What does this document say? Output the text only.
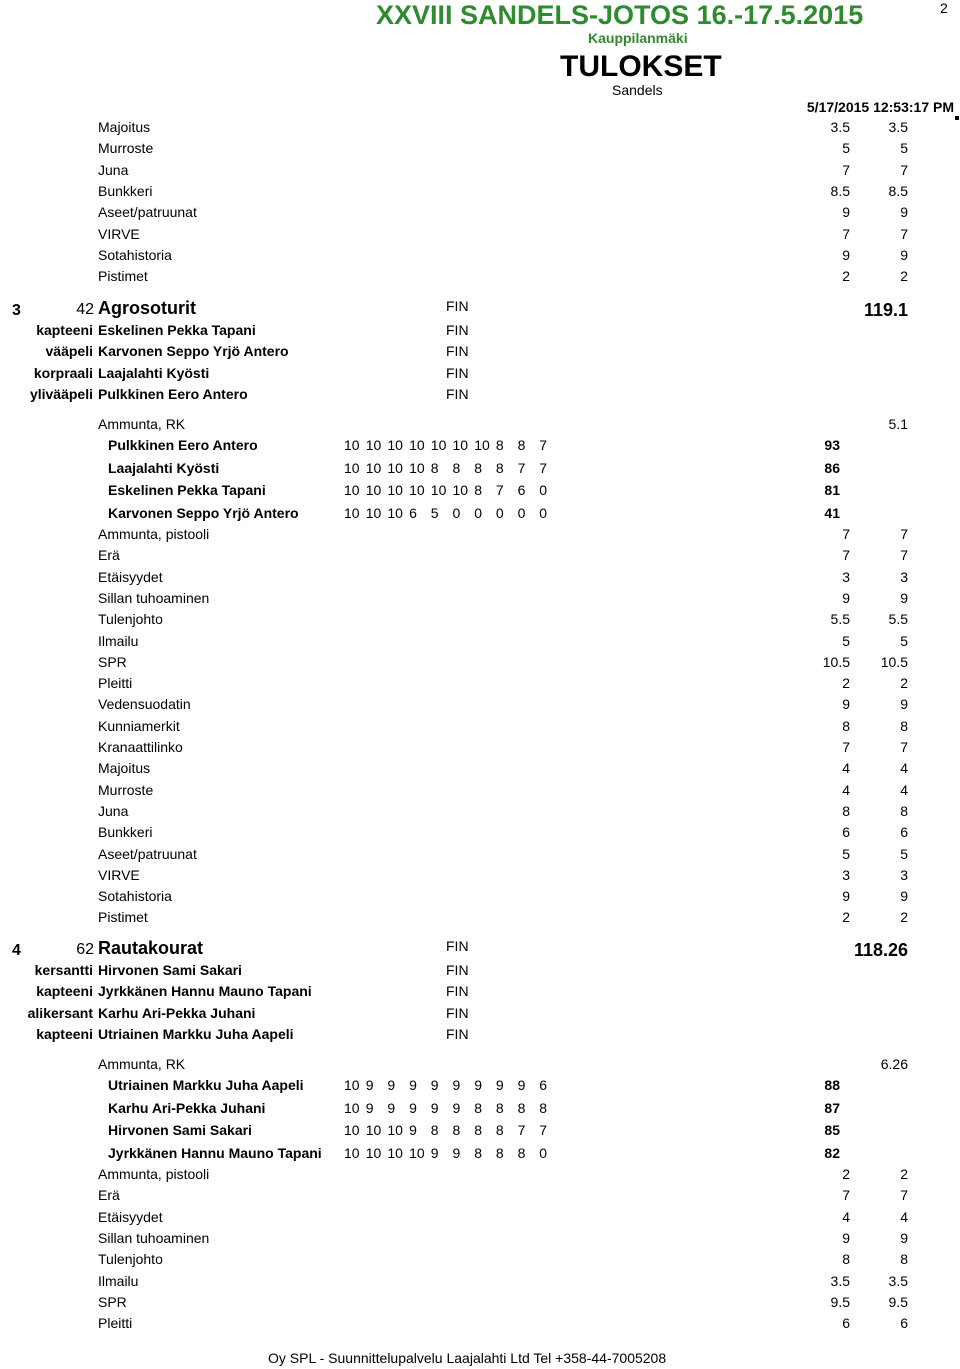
XXVIII SANDELS-JOTOS 16.-17.5.2015
Kauppilanmäki
TULOKSET
Sandels
2
5/17/2015 12:53:17 PM
Majoitus	3.5	3.5
Murroste	5	5
Juna	7	7
Bunkkeri	8.5	8.5
Aseet/patruunat	9	9
VIRVE	7	7
Sotahistoria	9	9
Pistimet	2	2
3	42 Agrosoturit	FIN	119.1
kapteeni Eskelinen Pekka Tapani	FIN
vääpeli Karvonen Seppo Yrjö Antero	FIN
korpraali Laajalahti Kyösti	FIN
ylivääpeli Pulkkinen Eero Antero	FIN
Ammunta, RK	5.1
Pulkkinen Eero Antero	10 10 10 10 10 10 10 8 8 7	93
Laajalahti Kyösti	10 10 10 10 8 8 8 8 7 7	86
Eskelinen Pekka Tapani	10 10 10 10 10 10 8 7 6 0	81
Karvonen Seppo Yrjö Antero	10 10 10 6 5 0 0 0 0 0	41
Ammunta, pistooli	7	7
Erä	7	7
Etäisyydet	3	3
Sillan tuhoaminen	9	9
Tulenjohto	5.5	5.5
Ilmailu	5	5
SPR	10.5 10.5
Pleitti	2	2
Vedensuodatin	9	9
Kunniamerkit	8	8
Kranaattilinko	7	7
Majoitus	4	4
Murroste	4	4
Juna	8	8
Bunkkeri	6	6
Aseet/patruunat	5	5
VIRVE	3	3
Sotahistoria	9	9
Pistimet	2	2
4	62 Rautakourat	FIN	118.26
kersantti Hirvonen Sami Sakari	FIN
kapteeni Jyrkkänen Hannu Mauno Tapani	FIN
alikersant Karhu Ari-Pekka Juhani	FIN
kapteeni Utriainen Markku Juha Aapeli	FIN
Ammunta, RK	6.26
Utriainen Markku Juha Aapeli	10 9 9 9 9 9 9 9 9 6	88
Karhu Ari-Pekka Juhani	10 9 9 9 9 9 8 8 8 8	87
Hirvonen Sami Sakari	10 10 10 9 8 8 8 8 7 7	85
Jyrkkänen Hannu Mauno Tapani 10 10 10 10 9 9 8 8 8 0	82
Ammunta, pistooli	2	2
Erä	7	7
Etäisyydet	4	4
Sillan tuhoaminen	9	9
Tulenjohto	8	8
Ilmailu	3.5	3.5
SPR	9.5	9.5
Pleitti	6	6
Oy SPL - Suunnittelupalvelu Laajalahti Ltd Tel +358-44-7005208
